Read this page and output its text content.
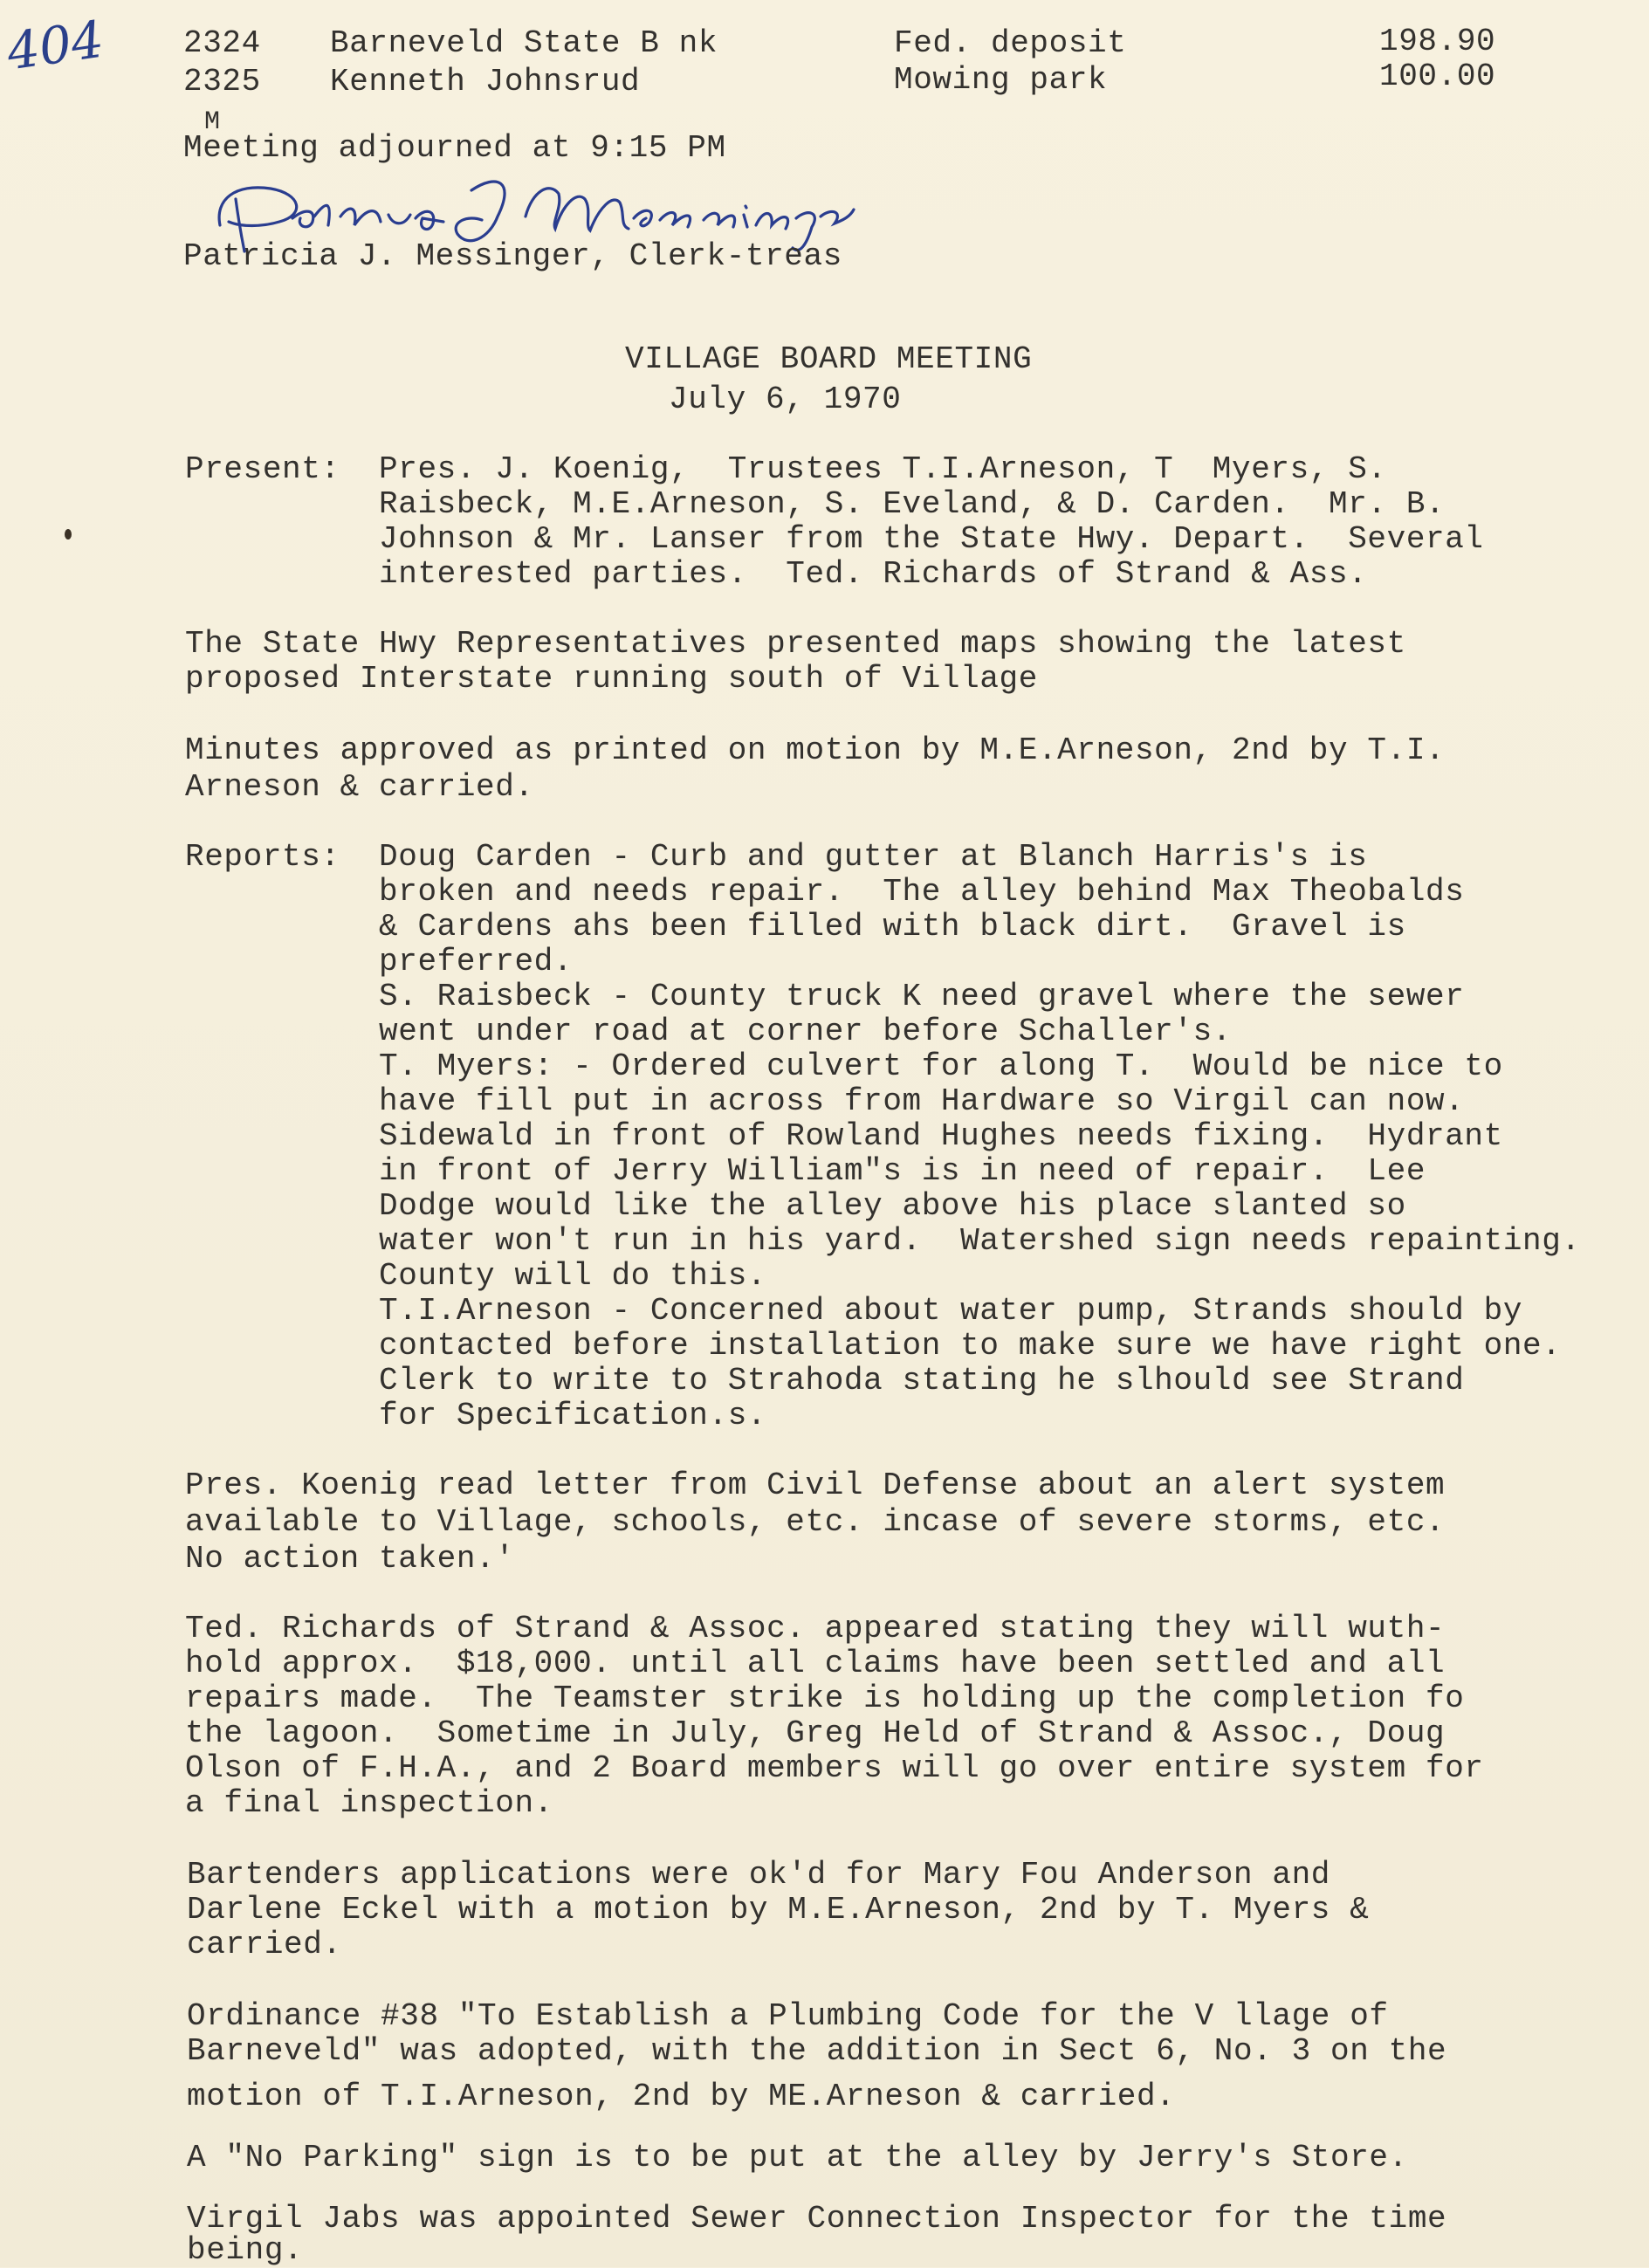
404 2324 Barneveld State B nk	Fed. deposit	198.90
2325 Kenneth Johnsrud	Mowing park	100.00
M
Meeting adjourned at 9:15 PM
Patricia J. Messinger, Clerk-treas
VILLAGE BOARD MEETING
July 6, 1970
Present:  Pres. J. Koenig,  Trustees T.I.Arneson, T  Myers, S.
Raisbeck, M.E.Arneson, S. Eveland, & D. Carden.  Mr. B.
Johnson & Mr. Lanser from the State Hwy. Depart.  Several
interested parties.  Ted. Richards of Strand & Ass.
The State Hwy Representatives presented maps showing the latest
proposed Interstate running south of Village
Minutes approved as printed on motion by M.E.Arneson, 2nd by T.I.
Arneson & carried.
Reports:  Doug Carden - Curb and gutter at Blanch Harris's is
broken and needs repair.  The alley behind Max Theobalds
& Cardens ahs been filled with black dirt.  Gravel is
preferred.
S. Raisbeck - County truck K need gravel where the sewer
went under road at corner before Schaller's.
T. Myers: - Ordered culvert for along T.  Would be nice to
have fill put in across from Hardware so Virgil can now.
Sidewald in front of Rowland Hughes needs fixing.  Hydrant
in front of Jerry William"s is in need of repair.  Lee
Dodge would like the alley above his place slanted so
water won't run in his yard.  Watershed sign needs repainting.
County will do this.
T.I.Arneson - Concerned about water pump, Strands should by
contacted before installation to make sure we have right one.
Clerk to write to Strahoda stating he slhould see Strand
for Specification.s.
Pres. Koenig read letter from Civil Defense about an alert system
available to Village, schools, etc. incase of severe storms, etc.
No action taken.'
Ted. Richards of Strand & Assoc. appeared stating they will wuth-
hold approx.  $18,000. until all claims have been settled and all
repairs made.  The Teamster strike is holding up the completion fo
the lagoon.  Sometime in July, Greg Held of Strand & Assoc., Doug
Olson of F.H.A., and 2 Board members will go over entire system for
a final inspection.
Bartenders applications were ok'd for Mary Fou Anderson and
Darlene Eckel with a motion by M.E.Arneson, 2nd by T. Myers &
carried.
Ordinance #38 "To Establish a Plumbing Code for the V llage of
Barneveld" was adopted, with the addition in Sect 6, No. 3 on the
motion of T.I.Arneson, 2nd by ME.Arneson & carried.
A "No Parking" sign is to be put at the alley by Jerry's Store.
Virgil Jabs was appointed Sewer Connection Inspector for the time
being.
